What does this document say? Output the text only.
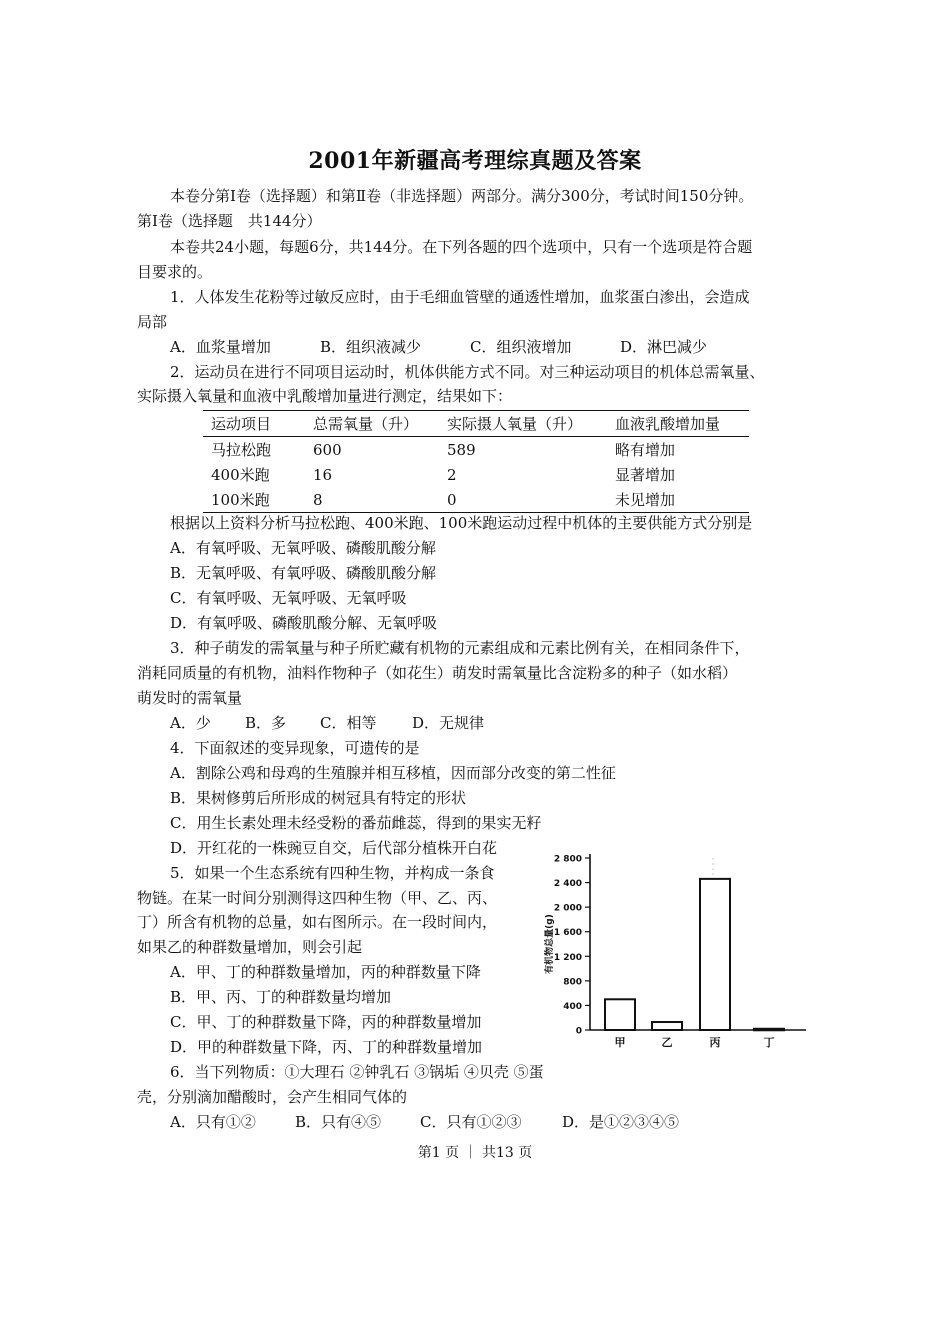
2001年新疆高考理综真题及答案
本卷分第Ⅰ卷（选择题）和第Ⅱ卷（非选择题）两部分。满分300分，考试时间150分钟。
第Ⅰ卷（选择题　共144分）
本卷共24小题，每题6分，共144分。在下列各题的四个选项中，只有一个选项是符合题
目要求的。
1．人体发生花粉等过敏反应时，由于毛细血管壁的通透性增加，血浆蛋白渗出，会造成
局部
A．血浆量增加	B．组织液减少	C．组织液增加	D．淋巴减少
2．运动员在进行不同项目运动时，机体供能方式不同。对三种运动项目的机体总需氧量、
实际摄入氧量和血液中乳酸增加量进行测定，结果如下：
运动项目	总需氧量（升）	实际摄人氧量（升）	血液乳酸增加量
马拉松跑	600	589	略有增加
400米跑	16	2	显著增加
100米跑	8	0	未见增加
根据以上资料分析马拉松跑、400米跑、100米跑运动过程中机体的主要供能方式分别是
A．有氧呼吸、无氧呼吸、磷酸肌酸分解
B．无氧呼吸、有氧呼吸、磷酸肌酸分解
C．有氧呼吸、无氧呼吸、无氧呼吸
D．有氧呼吸、磷酸肌酸分解、无氧呼吸
3．种子萌发的需氧量与种子所贮藏有机物的元素组成和元素比例有关，在相同条件下，
消耗同质量的有机物，油料作物种子（如花生）萌发时需氧量比含淀粉多的种子（如水稻）
萌发时的需氧量
A．少 B．多 C．相等 D．无规律
4．下面叙述的变异现象，可遗传的是
A．割除公鸡和母鸡的生殖腺并相互移植，因而部分改变的第二性征
B．果树修剪后所形成的树冠具有特定的形状
C．用生长素处理未经受粉的番茄雌蕊，得到的果实无籽
D．开红花的一株豌豆自交，后代部分植株开白花
5．如果一个生态系统有四种生物，并构成一条食
物链。在某一时间分别测得这四种生物（甲、乙、丙、
丁）所含有机物的总量，如右图所示。在一段时间内，
如果乙的种群数量增加，则会引起
A．甲、丁的种群数量增加，丙的种群数量下降
B．甲、丙、丁的种群数量均增加
C．甲、丁的种群数量下降，丙的种群数量增加
D．甲的种群数量下降，丙、丁的种群数量增加
6．当下列物质：①大理石 ②钟乳石 ③锅垢 ④贝壳 ⑤蛋
壳，分别滴加醋酸时，会产生相同气体的
A．只有①②	B．只有④⑤	C．只有①②③	D．是①②③④⑤
0
400
800
1 200
1 600
2 000
2 400
2 800
有机物总量(g)
甲	乙	丙	丁
第1 页 ｜ 共13 页
